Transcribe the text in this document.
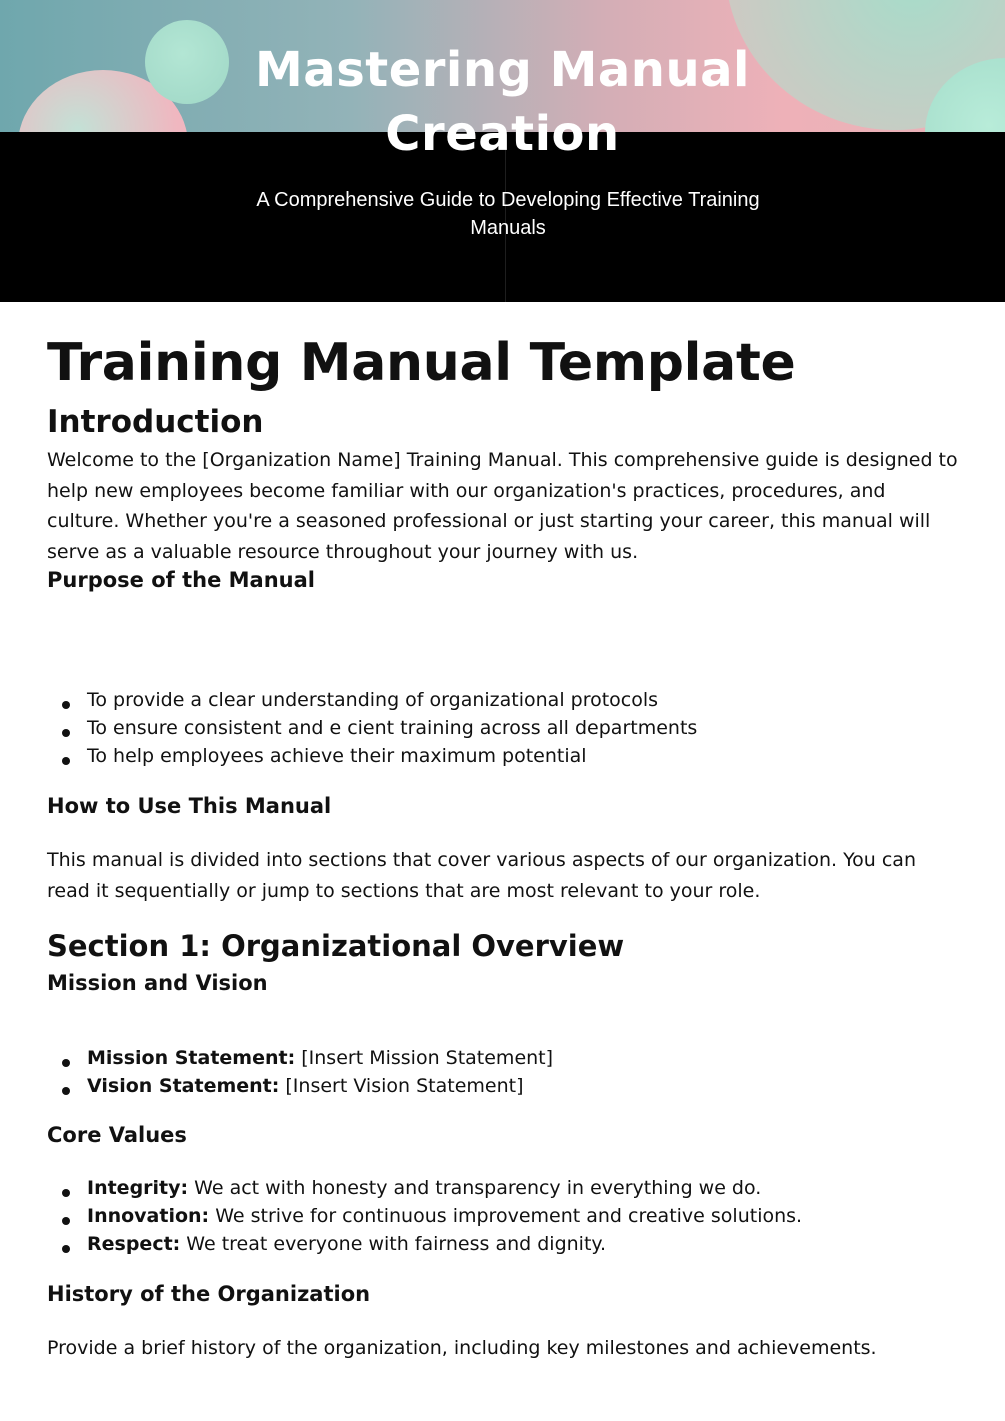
Mastering Manual Creation

A Comprehensive Guide to Developing Effective Training Manuals

Training Manual Template
Introduction

Welcome to the [Organization Name] Training Manual. This comprehensive guide is designed to help new employees become familiar with our organization's practices, procedures, and culture. Whether you're a seasoned professional or just starting your career, this manual will serve as a valuable resource throughout your journey with us.

Purpose of the Manual
To provide a clear understanding of organizational protocols
To ensure consistent and e cient training across all departments
To help employees achieve their maximum potential
How to Use This Manual

This manual is divided into sections that cover various aspects of our organization. You can read it sequentially or jump to sections that are most relevant to your role.

Section 1: Organizational Overview
Mission and Vision
Mission Statement: [Insert Mission Statement]
Vision Statement: [Insert Vision Statement]
Core Values
Integrity: We act with honesty and transparency in everything we do.
Innovation: We strive for continuous improvement and creative solutions.
Respect: We treat everyone with fairness and dignity.
History of the Organization

Provide a brief history of the organization, including key milestones and achievements.
